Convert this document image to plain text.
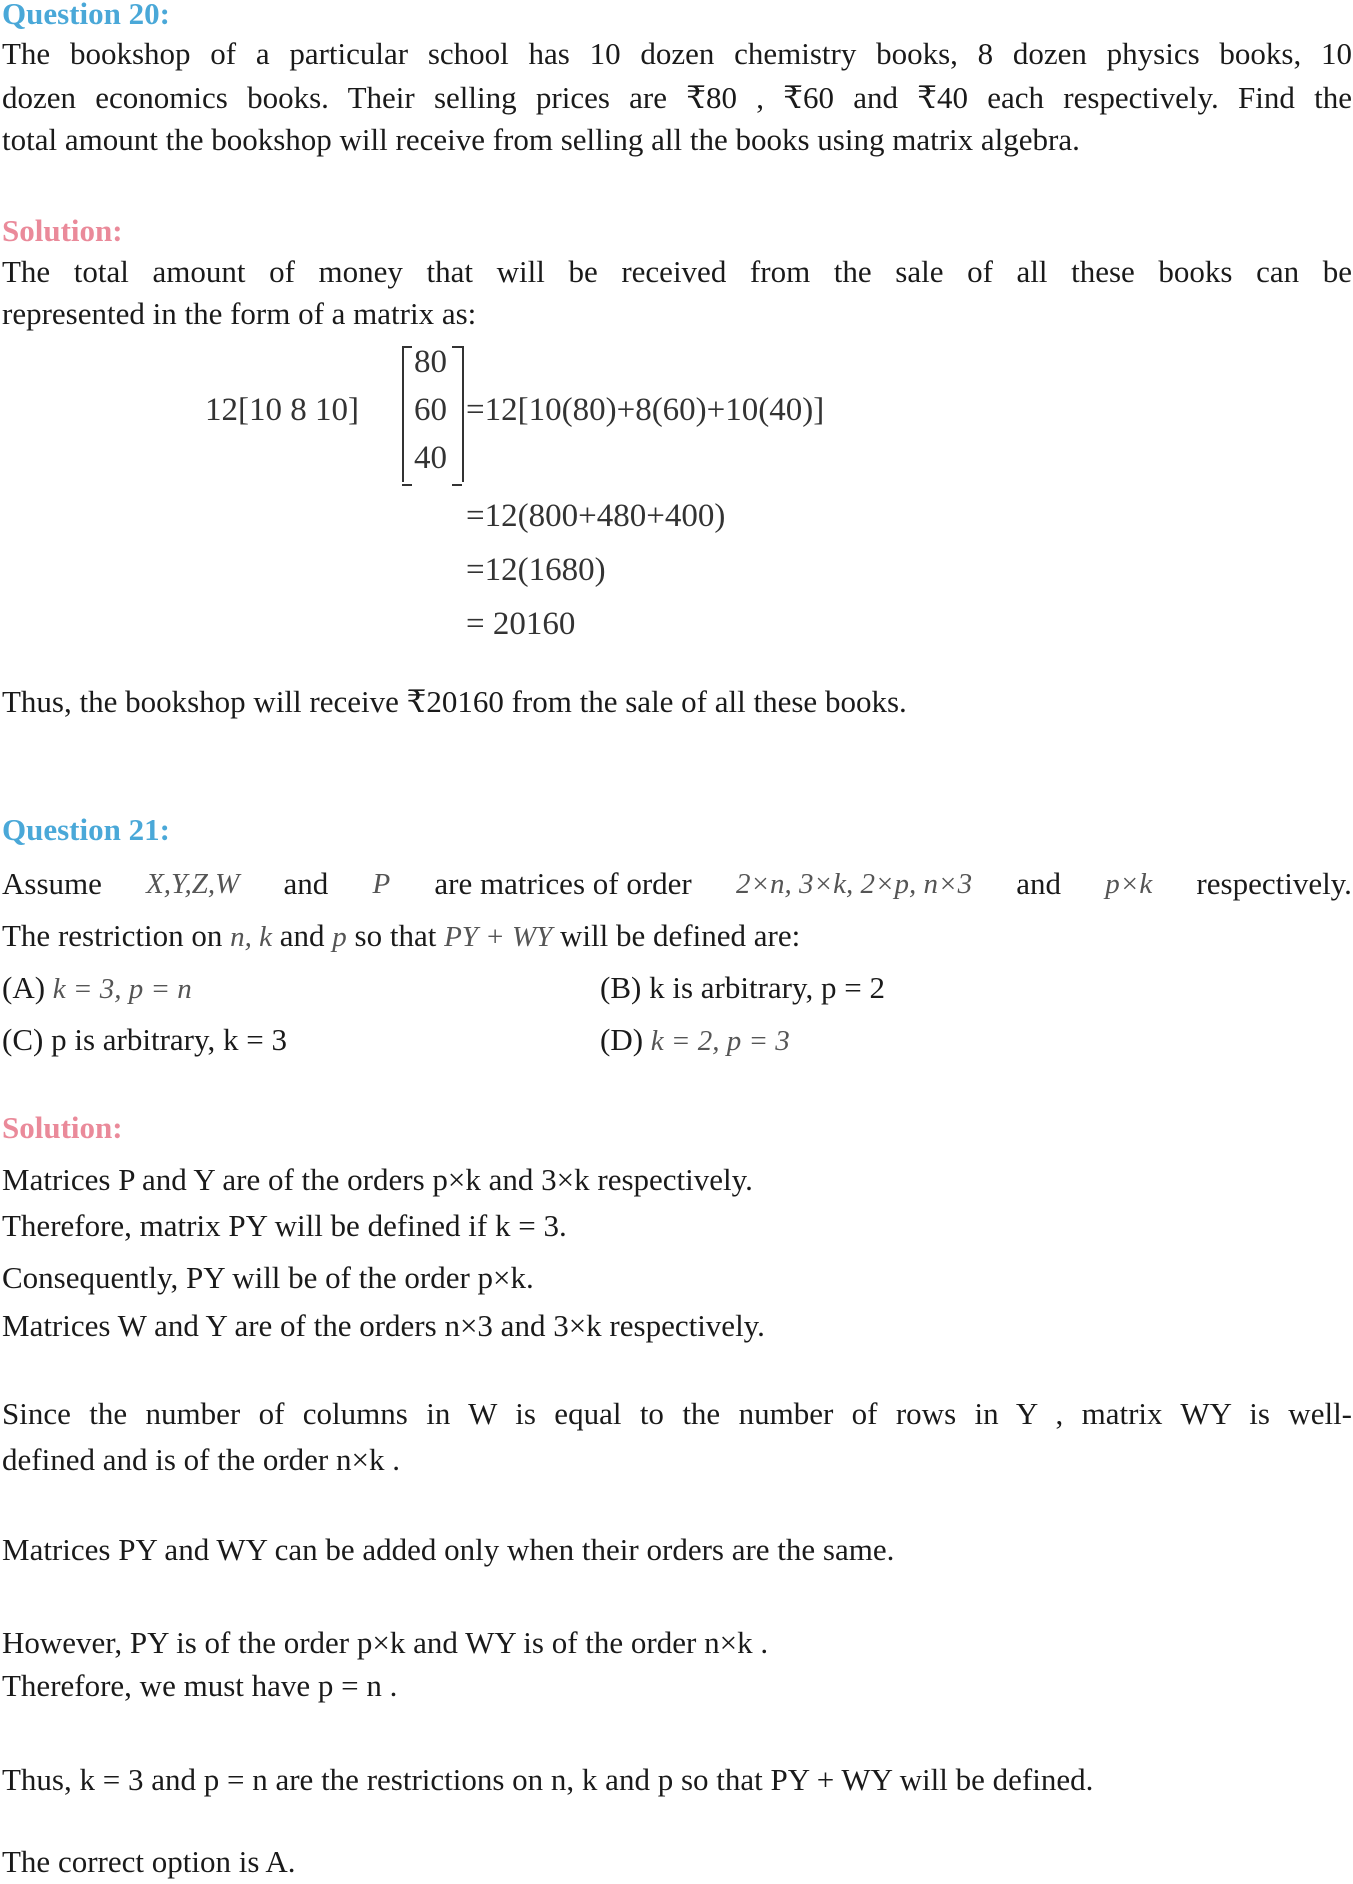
Question 20:
The bookshop of a particular school has 10 dozen chemistry books, 8 dozen physics books, 10
dozen economics books. Their selling prices are ₹80 , ₹60 and ₹40 each respectively. Find the
total amount the bookshop will receive from selling all the books using matrix algebra.
Solution:
The total amount of money that will be received from the sale of all these books can be
represented in the form of a matrix as:
12[10 8 10]
80
60
40
=12[10(80)+8(60)+10(40)]
=12(800+480+400)
=12(1680)
= 20160
Thus, the bookshop will receive ₹20160 from the sale of all these books.
Question 21:
Assume X,Y,Z,W and P are matrices of order 2×n, 3×k, 2×p, n×3 and p×k respectively.
The restriction on n, k and p so that PY + WY will be defined are:
(A) k = 3, p = n	(B) k is arbitrary, p = 2
(C) p is arbitrary, k = 3	(D) k = 2, p = 3
Solution:
Matrices P and Y are of the orders p×k and 3×k respectively.
Therefore, matrix PY will be defined if k = 3.
Consequently, PY will be of the order p×k.
Matrices W and Y are of the orders n×3 and 3×k respectively.
Since the number of columns in W is equal to the number of rows in Y , matrix WY is well-
defined and is of the order n×k .
Matrices PY and WY can be added only when their orders are the same.
However, PY is of the order p×k and WY is of the order n×k .
Therefore, we must have p = n .
Thus, k = 3 and p = n are the restrictions on n, k and p so that PY + WY will be defined.
The correct option is A.
